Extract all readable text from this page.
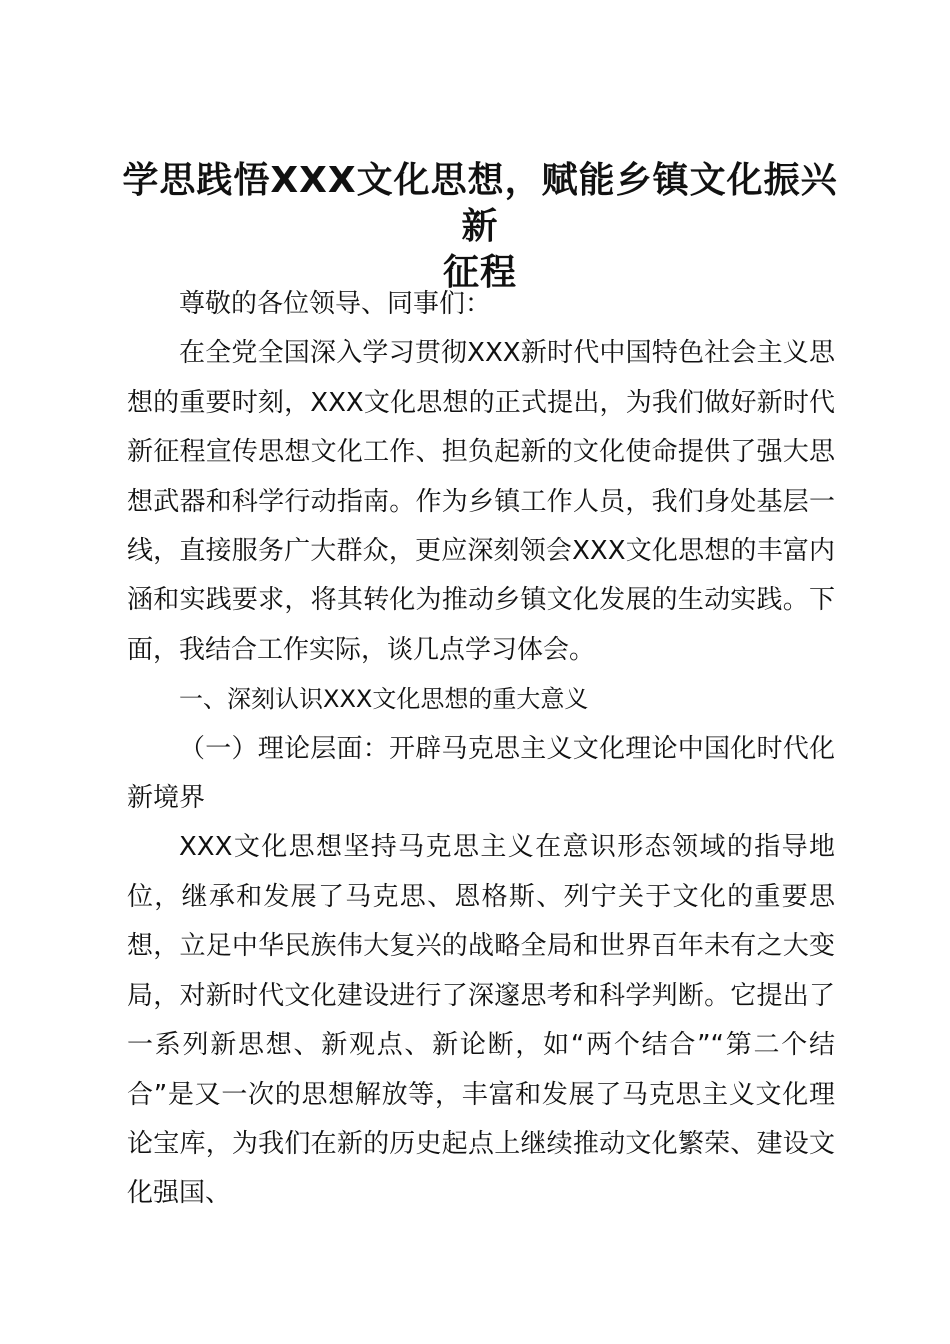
学思践悟XXX文化思想，赋能乡镇文化振兴新
征程

尊敬的各位领导、同事们：

在全党全国深入学习贯彻XXX新时代中国特色社会主义思想的重要时刻，XXX文化思想的正式提出，为我们做好新时代新征程宣传思想文化工作、担负起新的文化使命提供了强大思想武器和科学行动指南。作为乡镇工作人员，我们身处基层一线，直接服务广大群众，更应深刻领会XXX文化思想的丰富内涵和实践要求，将其转化为推动乡镇文化发展的生动实践。下面，我结合工作实际，谈几点学习体会。

一、深刻认识XXX文化思想的重大意义

（一）理论层面：开辟马克思主义文化理论中国化时代化新境界

XXX文化思想坚持马克思主义在意识形态领域的指导地位，继承和发展了马克思、恩格斯、列宁关于文化的重要思想，立足中华民族伟大复兴的战略全局和世界百年未有之大变局，对新时代文化建设进行了深邃思考和科学判断。它提出了一系列新思想、新观点、新论断，如“两个结合”“第二个结合”是又一次的思想解放等，丰富和发展了马克思主义文化理论宝库，为我们在新的历史起点上继续推动文化繁荣、建设文化强国、
